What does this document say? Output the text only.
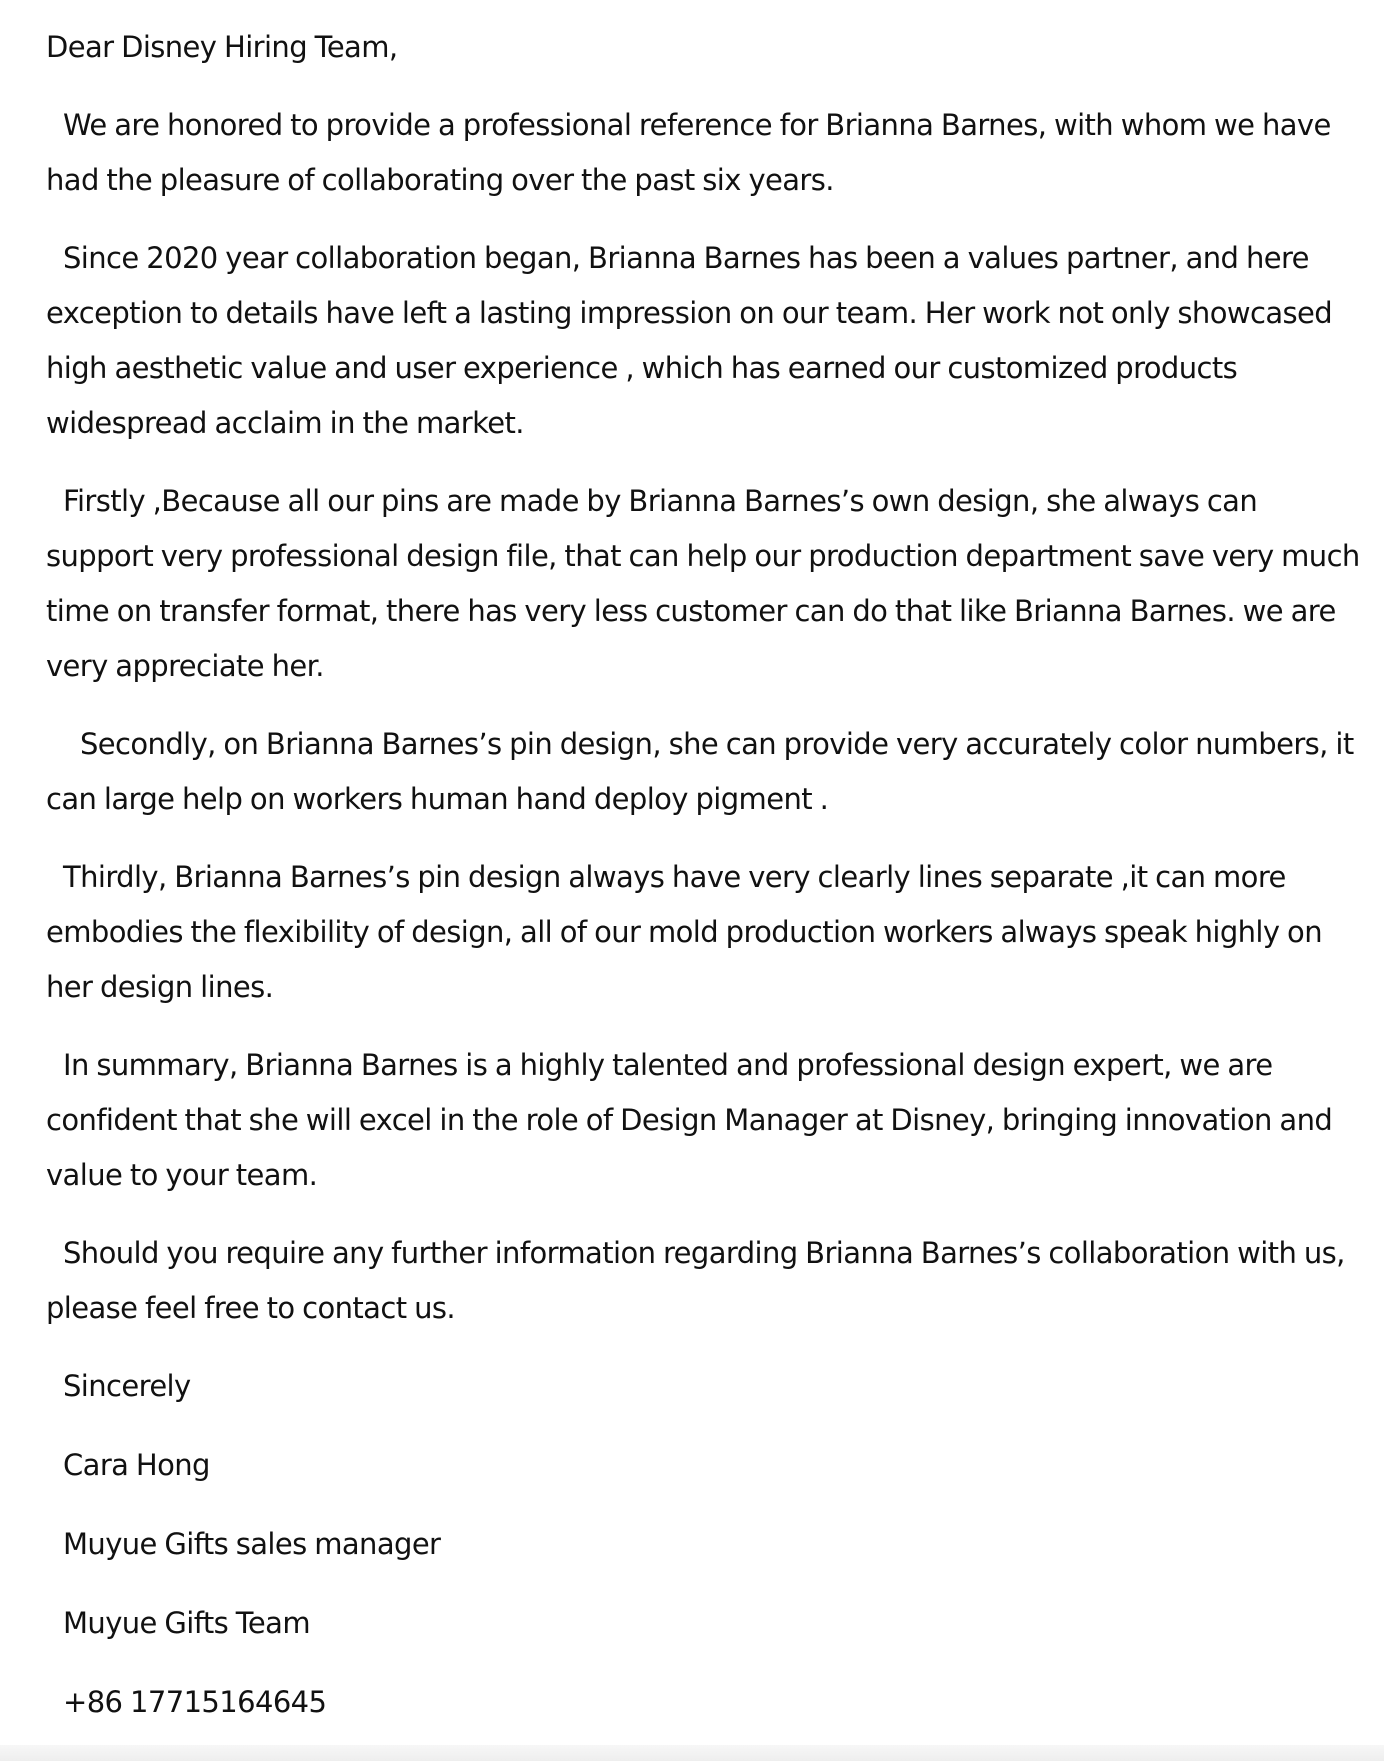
Dear Disney Hiring Team,

We are honored to provide a professional reference for Brianna Barnes, with whom we have had the pleasure of collaborating over the past six years.

Since 2020 year collaboration began, Brianna Barnes has been a values partner, and here exception to details have left a lasting impression on our team. Her work not only showcased high aesthetic value and user experience , which has earned our customized products widespread acclaim in the market.

Firstly ,Because all our pins are made by Brianna Barnes’s own design, she always can support very professional design file, that can help our production department save very much time on transfer format, there has very less customer can do that like Brianna Barnes. we are very appreciate her.

Secondly, on Brianna Barnes’s pin design, she can provide very accurately color numbers, it can large help on workers human hand deploy pigment .

Thirdly, Brianna Barnes’s pin design always have very clearly lines separate ,it can more embodies the flexibility of design, all of our mold production workers always speak highly on her design lines.

In summary, Brianna Barnes is a highly talented and professional design expert, we are confident that she will excel in the role of Design Manager at Disney, bringing innovation and value to your team.

Should you require any further information regarding Brianna Barnes’s collaboration with us, please feel free to contact us.

Sincerely

Cara Hong

Muyue Gifts sales manager

Muyue Gifts Team

+86 17715164645
